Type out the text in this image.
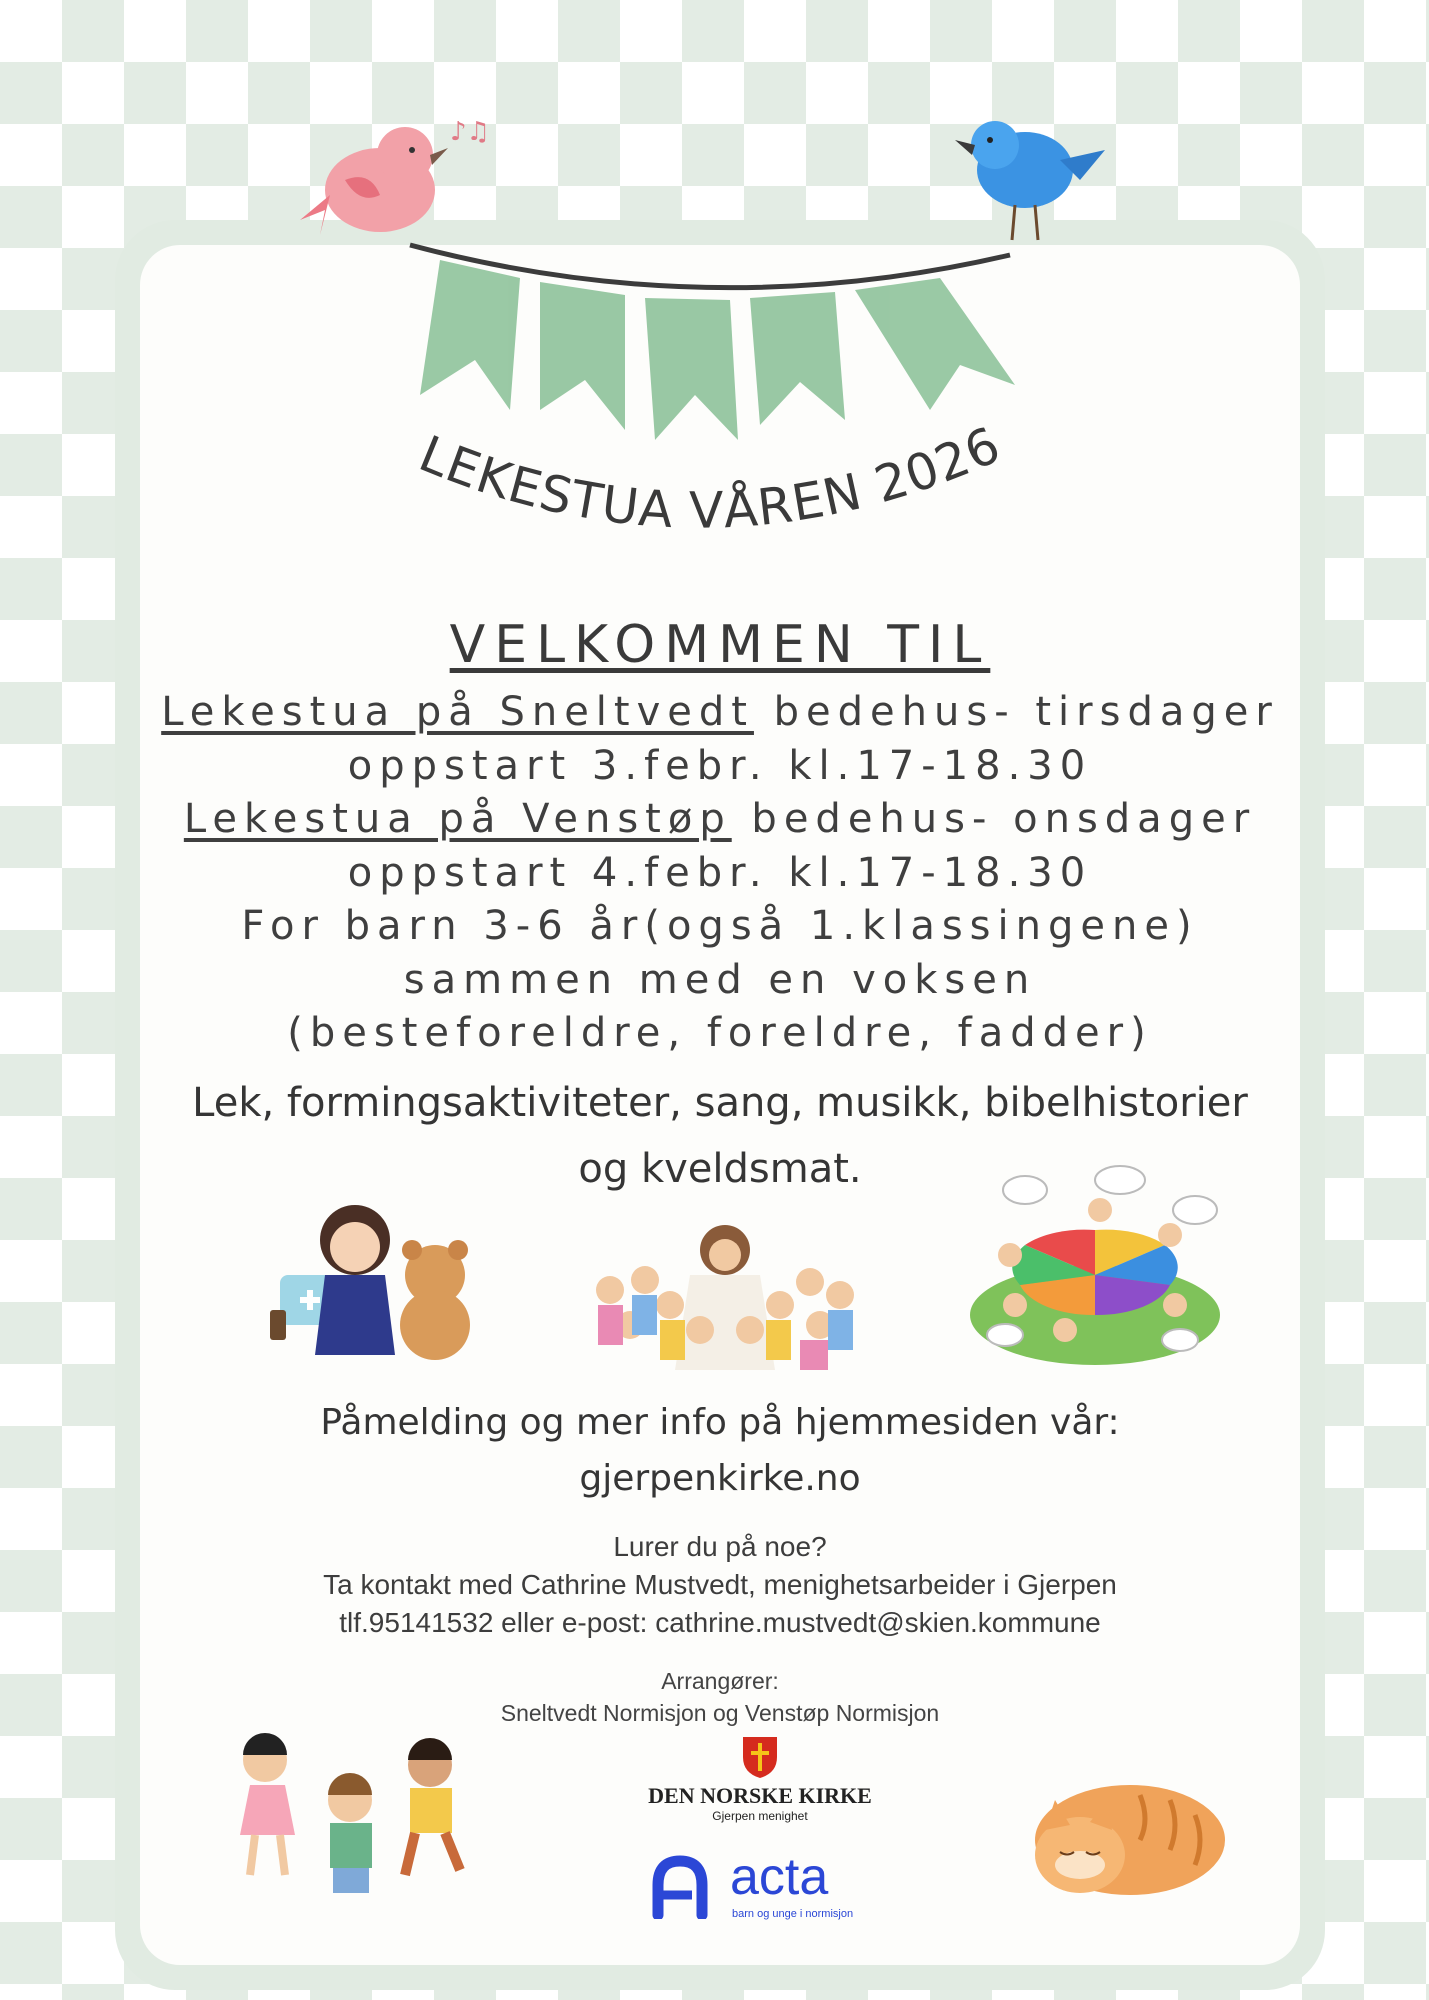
♪♫
LEKESTUA VÅREN 2026
VELKOMMEN TIL
Lekestua på Sneltvedt bedehus- tirsdager
oppstart 3.febr. kl.17-18.30
Lekestua på Venstøp bedehus- onsdager
oppstart 4.febr. kl.17-18.30
For barn 3-6 år(også 1.klassingene)
sammen med en voksen
(besteforeldre, foreldre, fadder)
Lek, formingsaktiviteter, sang, musikk, bibelhistorier
og kveldsmat.
Påmelding og mer info på hjemmesiden vår:
gjerpenkirke.no
Lurer du på noe?
Ta kontakt med Cathrine Mustvedt, menighetsarbeider i Gjerpen
tlf.95141532 eller e-post: cathrine.mustvedt@skien.kommune
Arrangører:
Sneltvedt Normisjon og Venstøp Normisjon
DEN NORSKE KIRKE
Gjerpen menighet
acta
barn og unge i normisjon
